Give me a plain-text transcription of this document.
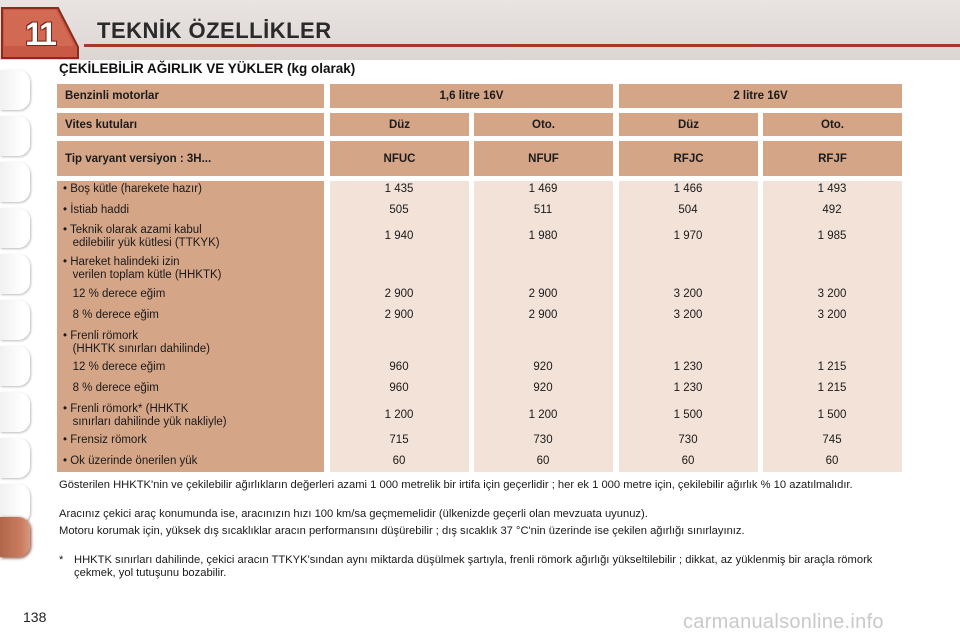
11	TEKNİK ÖZELLİKLER
ÇEKİLEBİLİR AĞIRLIK VE YÜKLER (kg olarak)
Benzinli motorlar	1,6 litre 16V	2 litre 16V
Vites kutuları	Düz	Oto.	Düz	Oto.
Tip varyant versiyon : 3H...	NFUC	NFUF	RFJC	RFJF
• Boş kütle (harekete hazır)	1 435	1 469	1 466	1 493
• İstiab haddi	505	511	504	492
• Teknik olarak azami kabul
edilebilir yük kütlesi (TTKYK)
1 940	1 980	1 970	1 985
• Hareket halindeki izin
verilen toplam kütle (HHKTK)
12 % derece eğim	2 900	2 900	3 200	3 200
8 % derece eğim	2 900	2 900	3 200	3 200
• Frenli römork
(HHKTK sınırları dahilinde)
12 % derece eğim	960	920	1 230	1 215
8 % derece eğim	960	920	1 230	1 215
• Frenli römork* (HHKTK
sınırları dahilinde yük nakliyle)
1 200	1 200	1 500	1 500
• Frensiz römork	715	730	730	745
• Ok üzerinde önerilen yük	60	60	60	60
Gösterilen HHKTK'nin ve çekilebilir ağırlıkların değerleri azami 1 000 metrelik bir irtifa için geçerlidir ; her ek 1 000 metre için, çekilebilir ağırlık % 10 azatılmalıdır.
Aracınız çekici araç konumunda ise, aracınızın hızı 100 km/sa geçmemelidir (ülkenizde geçerli olan mevzuata uyunuz).
Motoru korumak için, yüksek dış sıcaklıklar aracın performansını düşürebilir ; dış sıcaklık 37 °C'nin üzerinde ise çekilen ağırlığı sınırlayınız.
* HHKTK sınırları dahilinde, çekici aracın TTKYK'sından aynı miktarda düşülmek şartıyla, frenli römork ağırlığı yükseltilebilir ; dikkat, az yüklenmiş bir araçla römork çekmek, yol tutuşunu bozabilir.
138	carmanualsonline.info
